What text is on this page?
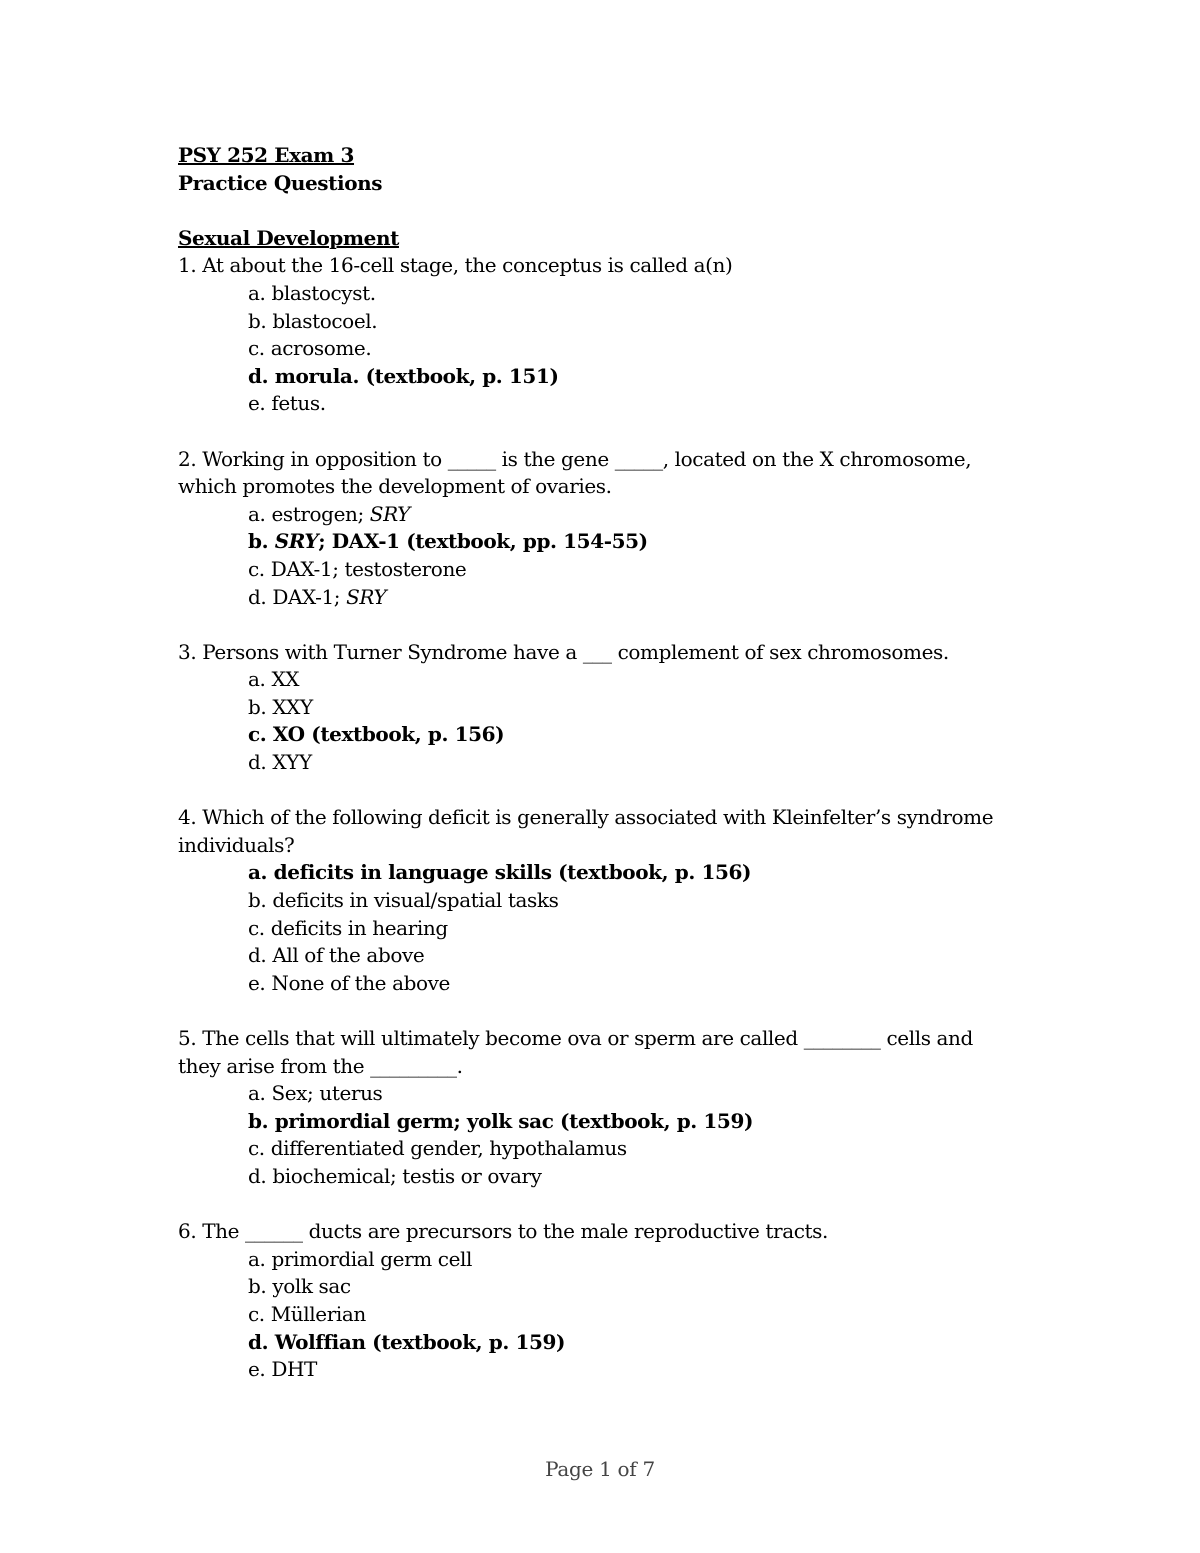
PSY 252 Exam 3
Practice Questions
Sexual Development
1. At about the 16-cell stage, the conceptus is called a(n)
a. blastocyst.
b. blastocoel.
c. acrosome.
d. morula. (textbook, p. 151)
e. fetus.
2. Working in opposition to _____ is the gene _____, located on the X chromosome,
which promotes the development of ovaries.
a. estrogen; SRY
b. SRY; DAX-1 (textbook, pp. 154-55)
c. DAX-1; testosterone
d. DAX-1; SRY
3. Persons with Turner Syndrome have a ___ complement of sex chromosomes.
a. XX
b. XXY
c. XO (textbook, p. 156)
d. XYY
4. Which of the following deficit is generally associated with Kleinfelter’s syndrome
individuals?
a. deficits in language skills (textbook, p. 156)
b. deficits in visual/spatial tasks
c. deficits in hearing
d. All of the above
e. None of the above
5. The cells that will ultimately become ova or sperm are called ________ cells and
they arise from the _________.
a. Sex; uterus
b. primordial germ; yolk sac (textbook, p. 159)
c. differentiated gender, hypothalamus
d. biochemical; testis or ovary
6. The ______ ducts are precursors to the male reproductive tracts.
a. primordial germ cell
b. yolk sac
c. Müllerian
d. Wolffian (textbook, p. 159)
e. DHT
Page 1 of 7
